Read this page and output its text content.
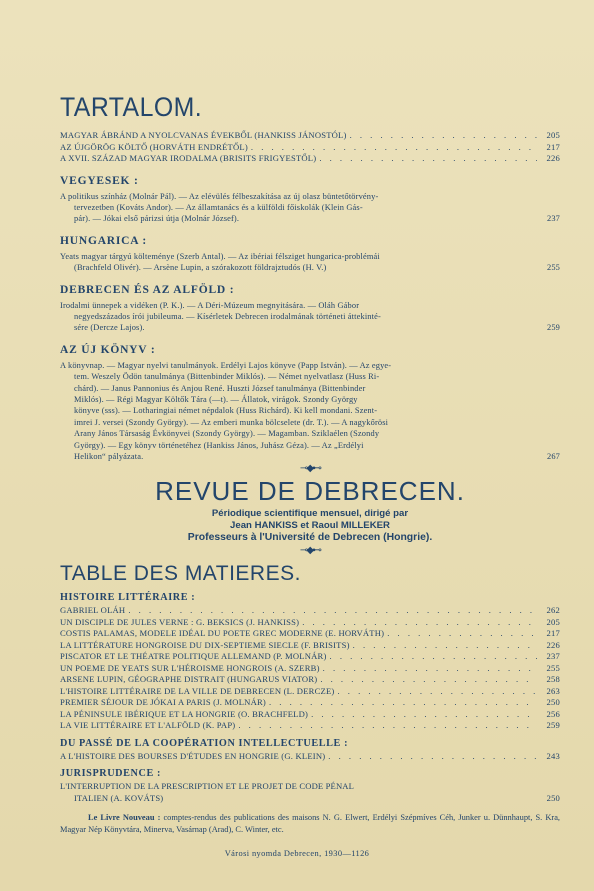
TARTALOM.
MAGYAR ÁBRÁND A NYOLCVANAS ÉVEKBŐL (HANKISS JÁNOSTÓL) . . .	205
AZ ÚJGÖRÖG KÖLTŐ (HORVÁTH ENDRÉTŐL) . . .	217
A XVII. SZÁZAD MAGYAR IRODALMA (BRISITS FRIGYESTŐL) . . .	226
VEGYESEK :
A politikus színház (Molnár Pál). — Az elévülés félbeszakítása az új olasz büntetőtörvény-
tervezetben (Kováts Andor). — Az államtanács és a külföldi főiskolák (Klein Gás-
pár). — Jókai első párizsi útja (Molnár József).	237
HUNGARICA :
Yeats magyar tárgyú költeménye (Szerb Antal). — Az ibériai félsziget hungarica-problémái
(Brachfeld Olivér). — Arsène Lupin, a szórakozott földrajztudós (H. V.)	255
DEBRECEN ÉS AZ ALFÖLD :
Irodalmi ünnepek a vidéken (P. K.). — A Déri-Múzeum megnyitására. — Oláh Gábor
negyedszázados írói jubileuma. — Kísérletek Debrecen irodalmának történeti áttekinté-
sére (Dercze Lajos).	259
AZ ÚJ KÖNYV :
A könyvnap. — Magyar nyelvi tanulmányok. Erdélyi Lajos könyve (Papp István). — Az egye-
tem. Weszely Ödön tanulmánya (Bittenbinder Miklós). — Német nyelvatlasz (Huss Ri-
chárd). — Janus Pannonius és Anjou René. Huszti József tanulmánya (Bittenbinder
Miklós). — Régi Magyar Költők Tára (—t). — Állatok, virágok. Szondy György
könyve (sss). — Lotharingiai német népdalok (Huss Richárd). Ki kell mondani. Szent-
imrei J. versei (Szondy György). — Az emberi munka bölcselete (dr. T.). — A nagykőrösi
Arany János Társaság Évkönyvei (Szondy György). — Magamban. Sziklaélen (Szondy
György). — Egy könyv történetéhez (Hankiss János, Juhász Géza). — Az „Erdélyi
Helikon“ pályázata.	267
⊸◆⊷
REVUE DE DEBRECEN.
Périodique scientifique mensuel, dirigé par
Jean HANKISS et Raoul MILLEKER
Professeurs à l'Université de Debrecen (Hongrie).
⊸◆⊷
TABLE DES MATIERES.
HISTOIRE LITTÉRAIRE :
GABRIEL OLÁH . . .	262
UN DISCIPLE DE JULES VERNE : G. BEKSICS (J. HANKISS) . . .	205
COSTIS PALAMAS, MODELE IDÉAL DU POETE GREC MODERNE (E. HORVÁTH) . . .	217
LA LITTÉRATURE HONGROISE DU DIX-SEPTIEME SIECLE (F. BRISITS) . . .	226
PISCATOR ET LE THÉATRE POLITIQUE ALLEMAND (P. MOLNÁR) . . .	237
UN POEME DE YEATS SUR L'HÉROISME HONGROIS (A. SZERB) . . .	255
ARSENE LUPIN, GÉOGRAPHE DISTRAIT (HUNGARUS VIATOR) . . .	258
L'HISTOIRE LITTÉRAIRE DE LA VILLE DE DEBRECEN (L. DERCZE) . . .	263
PREMIER SÉJOUR DE JÓKAI A PARIS (J. MOLNÁR) . . .	250
LA PÉNINSULE IBÉRIQUE ET LA HONGRIE (O. BRACHFELD) . . .	256
LA VIE LITTÉRAIRE ET L'ALFÖLD (K. PAP) . . .	259
DU PASSÉ DE LA COOPÉRATION INTELLECTUELLE :
A L'HISTOIRE DES BOURSES D'ÉTUDES EN HONGRIE (G. KLEIN) . . .	243
JURISPRUDENCE :
L'INTERRUPTION DE LA PRESCRIPTION ET LE PROJET DE CODE PÉNAL
ITALIEN (A. KOVÁTS)	250
Le Livre Nouveau : comptes-rendus des publications des maisons N. G. Elwert, Erdélyi Szépmíves Céh, Junker u. Dünnhaupt, S. Kra, Magyar Nép Könyvtára, Minerva, Vasárnap (Arad), C. Winter, etc.
Városi nyomda Debrecen, 1930—1126
